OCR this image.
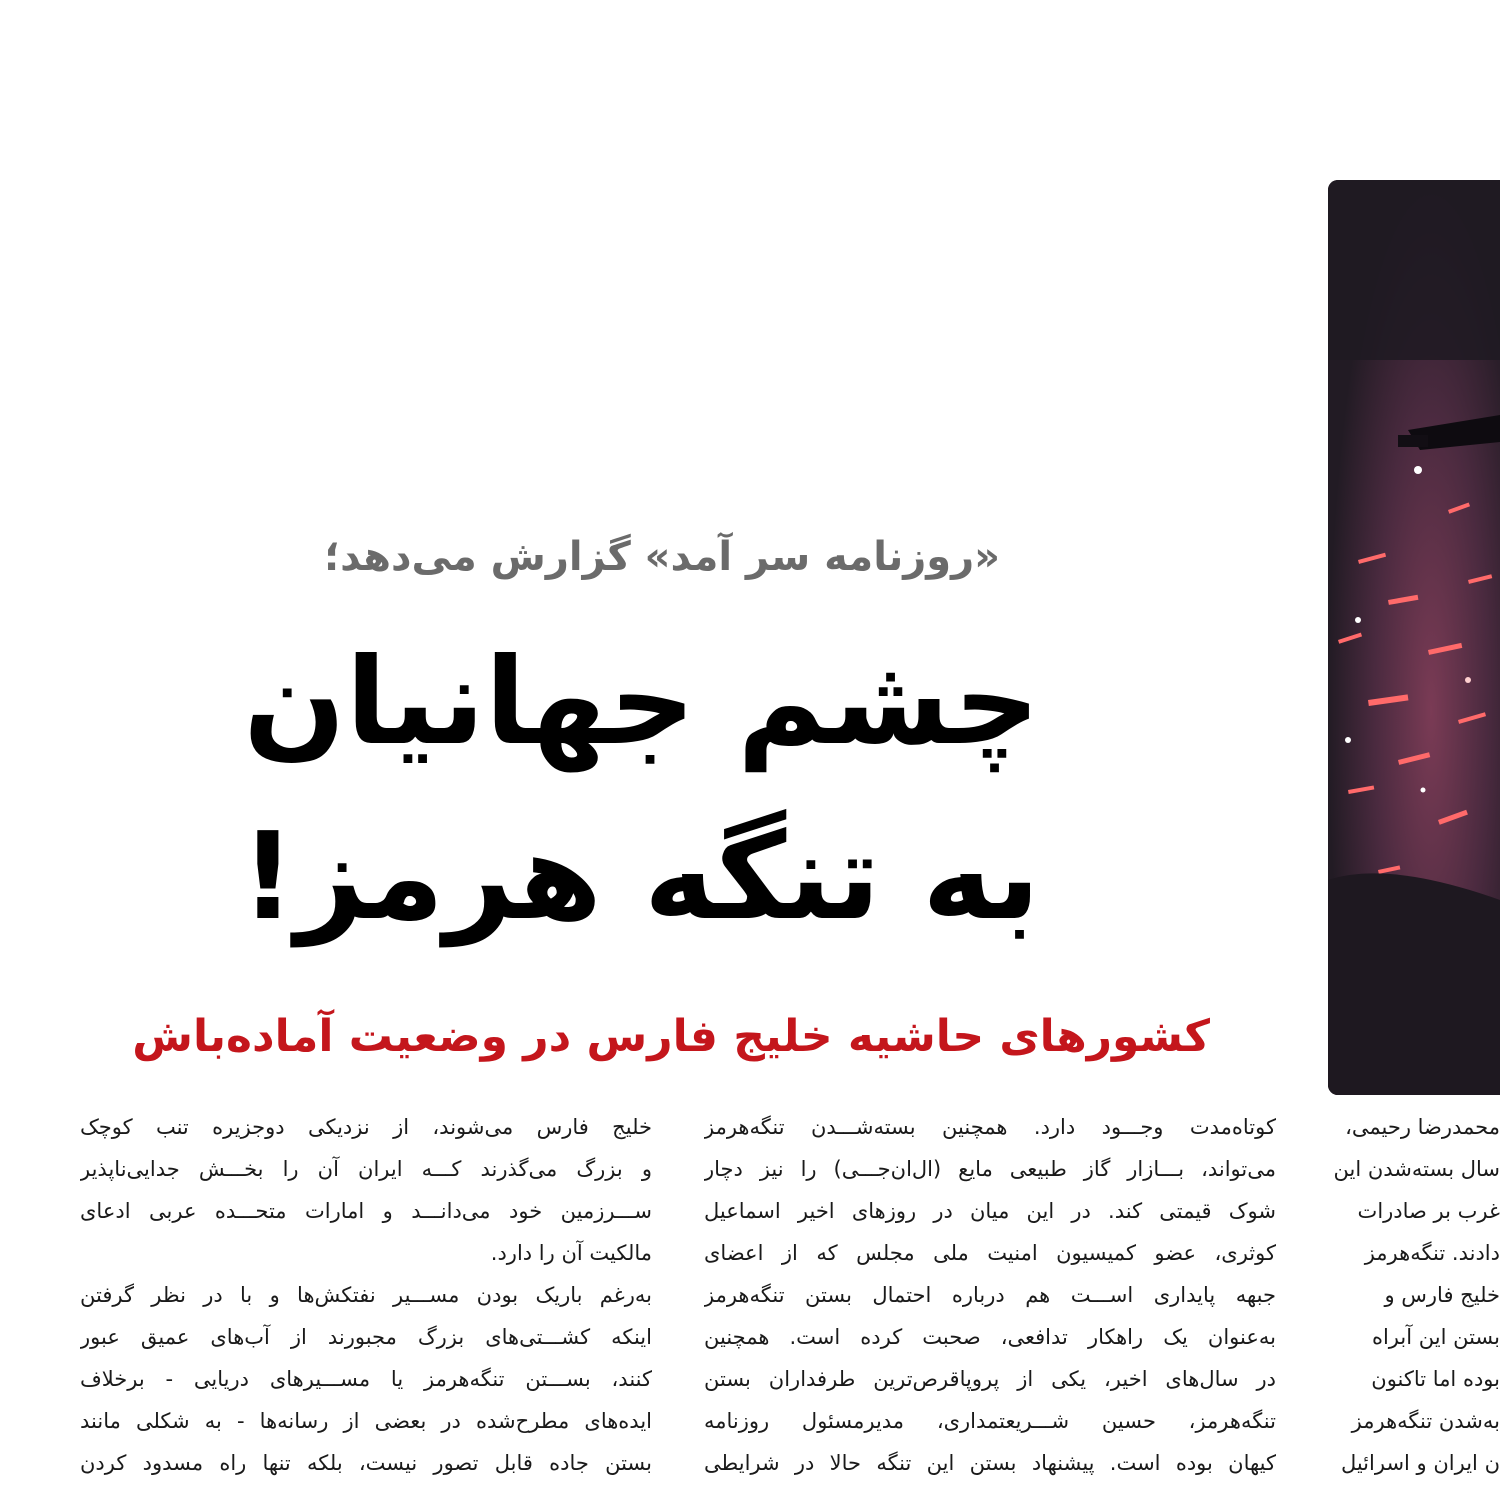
«روزنامه سر آمد» گزارش می‌دهد؛

چشم جهانیان
به تنگه هرمز!

کشورهای حاشیه خلیج فارس در وضعیت آماده‌باش

محمدرضا رحیمی،
سال بسته‌شدن این
غرب بر صادرات
دادند. تنگه‌هرمز
خلیج فارس و
بستن این آبراه
بوده اما تاکنون
به‌شدن تنگه‌هرمز
ن ایران و اسرائیل
کوتاه‌مدت وجـــود دارد. همچنین بسته‌شـــدن تنگه‌هرمز
می‌تواند، بـــازار گاز طبیعی مایع (ال‌ان‌جـــی) را نیز دچار
شوک قیمتی کند. در این میان در روزهای اخیر اسماعیل
کوثری، عضو کمیسیون امنیت ملی مجلس که از اعضای
جبهه پایداری اســـت هم درباره احتمال بستن تنگه‌هرمز
به‌عنوان یک راهکار تدافعی، صحبت کرده است. همچنین
در سال‌های اخیر، یکی از پروپاقرص‌ترین طرفداران بستن
تنگه‌هرمز، حسین شـــریعتمداری، مدیرمسئول روزنامه
کیهان بوده است. پیشنهاد بستن این تنگه حالا در شرایطی
خلیج فارس می‌شوند، از نزدیکی دوجزیره تنب کوچک
و بزرگ می‌گذرند کـــه ایران آن را بخـــش جدایی‌ناپذیر
ســـرزمین خود می‌دانـــد و امارات متحـــده عربی ادعای
مالکیت آن را دارد.
به‌رغم باریک بودن مســـیر نفتکش‌ها و با در نظر گرفتن
اینکه کشـــتی‌های بزرگ مجبورند از آب‌های عمیق عبور
کنند، بســـتن تنگه‌هرمز یا مســـیرهای دریایی - برخلاف
ایده‌های مطرح‌شده در بعضی از رسانه‌ها - به شکلی مانند
بستن جاده قابل تصور نیست، بلکه تنها راه مسدود کردن
